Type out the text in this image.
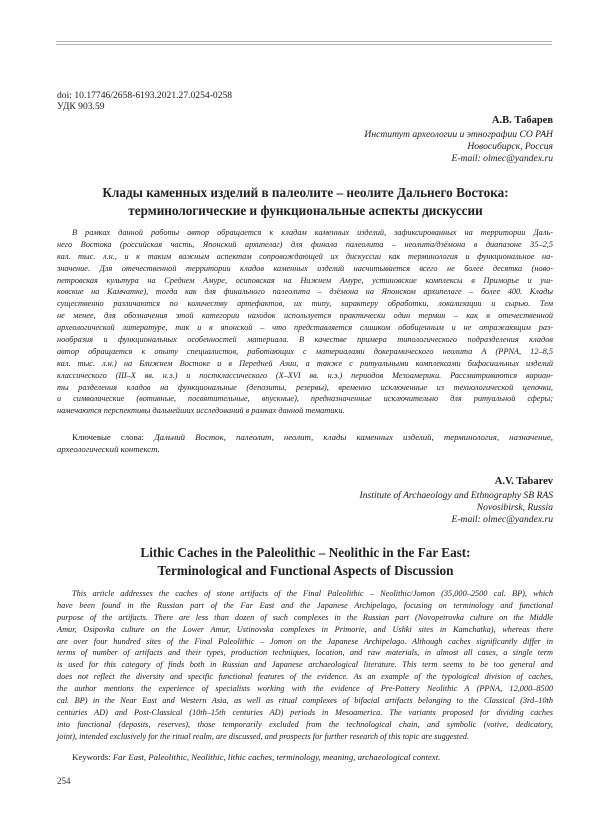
doi: 10.17746/2658-6193.2021.27.0254-0258
УДК 903.59
А.В. Табарев
Институт археологии и этнографии СО РАН
Новосибирск, Россия
E-mail: olmec@yandex.ru
Клады каменных изделий в палеолите – неолите Дальнего Востока:
терминологические и функциональные аспекты дискуссии
В рамках данной работы автор обращается к кладам каменных изделий, зафиксированных на территории Даль-
него Востока (российская часть, Японский архипелаг) для финала палеолита – неолита/дзёмона в диапазоне 35–2,5
кал. тыс. л.н., и к таким важным аспектам сопровождающей их дискуссии как терминология и функциональное на-
значение. Для отечественной территории кладов каменных изделий насчитывается всего не более десятка (ново-
петровская культура на Среднем Амуре, осиповская на Нижнем Амуре, устиновские комплексы в Приморье и уш-
ковские на Камчатке), тогда как для финального палеолита – дзёмона на Японском архипелаге – более 400. Клады
существенно различаются по количеству артефактов, их типу, характеру обработки, локализации и сырью. Тем
не менее, для обозначения этой категории находок используется практически один термин – как в отечественной
археологической литературе, так и в японской – что представляется слишком обобщенным и не отражающим раз-
нообразия и функциональных особенностей материала. В качестве примера типологического подразделения кладов
автор обращается к опыту специалистов, работающих с материалами докерамического неолита А (PPNA, 12–8,5
кал. тыс. л.н.) на Ближнем Востоке и в Передней Азии, а также с ритуальными комплексами бифасиальных изделий
классического (III–X вв. н.э.) и постклассического (X–XVI вв. н.э.) периодов Мезоамерики. Рассматриваются вариан-
ты разделения кладов на функциональные (депозиты, резервы), временно исключенные из технологической цепочки,
и символические (вотивные, посвятительные, впускные), предназначенные исключительно для ритуальной сферы;
намечаются перспективы дальнейших исследований в рамках данной тематики.
Ключевые слова: Дальний Восток, палеолит, неолит, клады каменных изделий, терминология, назначение,
археологический контекст.
A.V. Tabarev
Institute of Archaeology and Ethnography SB RAS
Novosibirsk, Russia
E-mail: olmec@yandex.ru
Lithic Caches in the Paleolithic – Neolithic in the Far East:
Terminological and Functional Aspects of Discussion
This article addresses the caches of stone artifacts of the Final Paleolithic – Neolithic/Jomon (35,000–2500 cal. BP), which
have been found in the Russian part of the Far East and the Japanese Archipelago, focusing on terminology and functional
purpose of the artifacts. There are less than dozen of such complexes in the Russian part (Novopetrovka culture on the Middle
Amur, Osipovka culture on the Lower Amur, Ustinovska complexes in Primorie, and Ushki sites in Kamchatka), whereas there
are over four hundred sites of the Final Paleolithic – Jomon on the Japanese Archipelago. Although caches significantly differ in
terms of number of artifacts and their types, production techniques, location, and raw materials, in almost all cases, a single term
is used for this category of finds both in Russian and Japanese archaeological literature. This term seems to be too general and
does not reflect the diversity and specific functional features of the evidence. As an example of the typological division of caches,
the author mentions the experience of specialists working with the evidence of Pre-Pottery Neolithic A (PPNA, 12,000–8500
cal. BP) in the Near East and Western Asia, as well as ritual complexes of bifacial artifacts belonging to the Classical (3rd–10th
centuries AD) and Post-Classical (10th–15th centuries AD) periods in Mesoamerica. The variants proposed for dividing caches
into functional (deposits, reserves), those temporarily excluded from the technological chain, and symbolic (votive, dedicatory,
joint), intended exclusively for the ritual realm, are discussed, and prospects for further research of this topic are suggested.
Keywords: Far East, Paleolithic, Neolithic, lithic caches, terminology, meaning, archaeological context.
254
